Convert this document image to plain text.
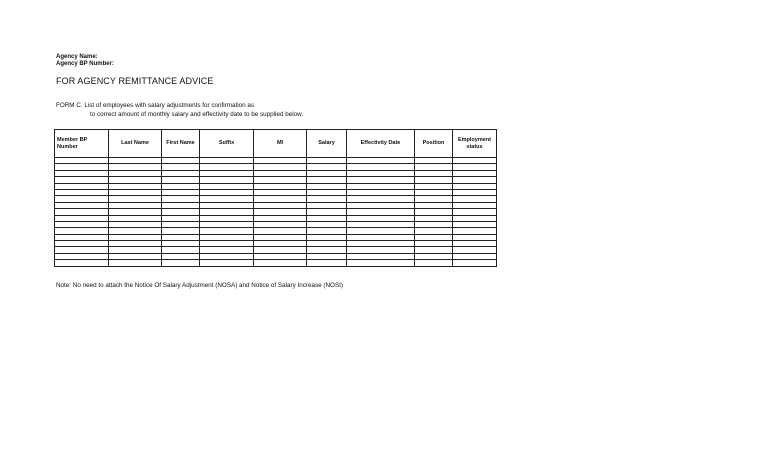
Agency Name:
Agency BP Number:
FOR AGENCY REMITTANCE ADVICE
FORM C. List of employees with salary adjustments for confirmation as
to correct amount of monthly salary and effectivity date to be supplied below.
Member BP
Number	Last Name	First Name	Suffix	MI	Salary	Effectivity Date	Position	Employment
status

Note: No need to attach the Notice Of Salary Adjustment (NOSA) and Notice of Salary Increase (NOSI)
